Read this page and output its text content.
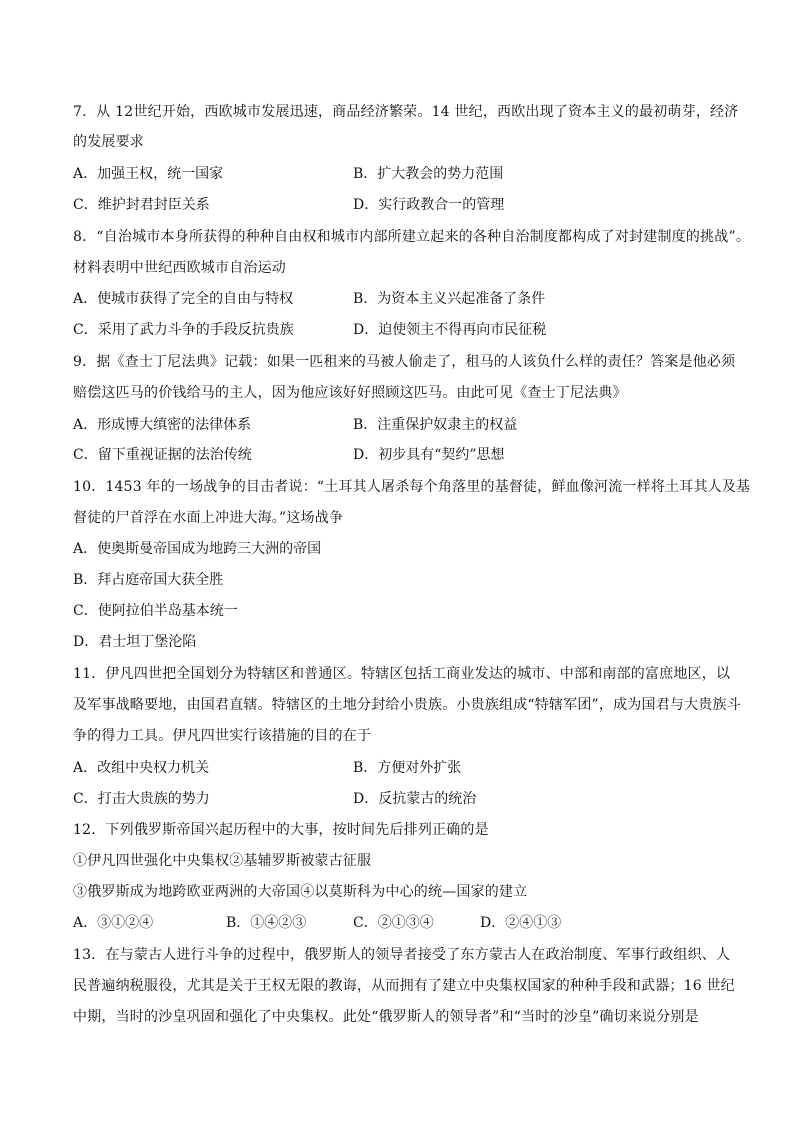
7．从 12世纪开始，西欧城市发展迅速，商品经济繁荣。14 世纪，西欧出现了资本主义的最初萌芽，经济
的发展要求
A．加强王权，统一国家	B．扩大教会的势力范围
C．维护封君封臣关系	D．实行政教合一的管理
8．“自治城市本身所获得的种种自由权和城市内部所建立起来的各种自治制度都构成了对封建制度的挑战”。
材料表明中世纪西欧城市自治运动
A．使城市获得了完全的自由与特权	B．为资本主义兴起准备了条件
C．采用了武力斗争的手段反抗贵族	D．迫使领主不得再向市民征税
9．据《查士丁尼法典》记载：如果一匹租来的马被人偷走了，租马的人该负什么样的责任？答案是他必须
赔偿这匹马的价钱给马的主人，因为他应该好好照顾这匹马。由此可见《查士丁尼法典》
A．形成博大缜密的法律体系	B．注重保护奴隶主的权益
C．留下重视证据的法治传统	D．初步具有“契约”思想
10．1453 年的一场战争的目击者说：“土耳其人屠杀每个角落里的基督徒，鲜血像河流一样将土耳其人及基
督徒的尸首浮在水面上冲进大海。”这场战争
A．使奥斯曼帝国成为地跨三大洲的帝国
B．拜占庭帝国大获全胜
C．使阿拉伯半岛基本统一
D．君士坦丁堡沦陷
11．伊凡四世把全国划分为特辖区和普通区。特辖区包括工商业发达的城市、中部和南部的富庶地区，以
及军事战略要地，由国君直辖。特辖区的土地分封给小贵族。小贵族组成“特辖军团”，成为国君与大贵族斗
争的得力工具。伊凡四世实行该措施的目的在于
A．改组中央权力机关	B．方便对外扩张
C．打击大贵族的势力	D．反抗蒙古的统治
12．下列俄罗斯帝国兴起历程中的大事，按时间先后排列正确的是
①伊凡四世强化中央集权②基辅罗斯被蒙古征服
③俄罗斯成为地跨欧亚两洲的大帝国④以莫斯科为中心的统—国家的建立
A．③①②④	B．①④②③	C．②①③④	D．②④①③
13．在与蒙古人进行斗争的过程中，俄罗斯人的领导者接受了东方蒙古人在政治制度、军事行政组织、人
民普遍纳税服役，尤其是关于王权无限的教诲，从而拥有了建立中央集权国家的种种手段和武器；16 世纪
中期，当时的沙皇巩固和强化了中央集权。此处“俄罗斯人的领导者”和“当时的沙皇”确切来说分别是
